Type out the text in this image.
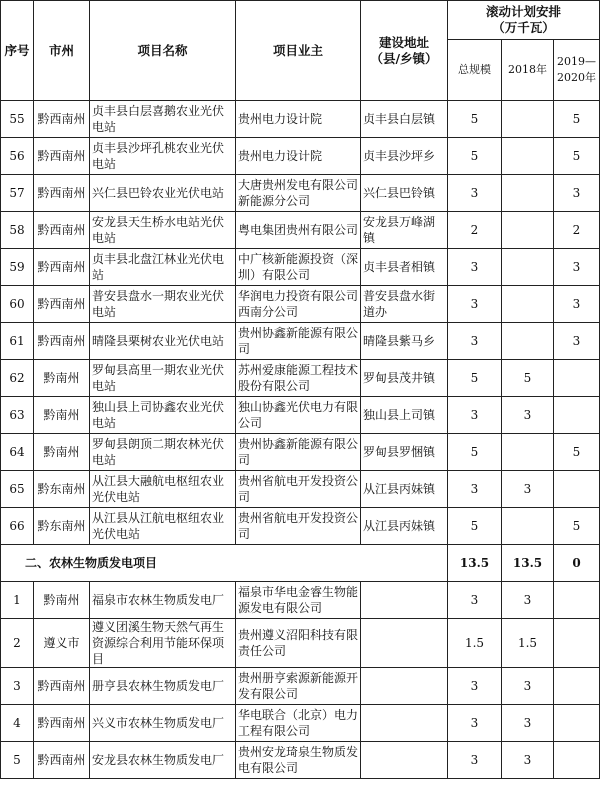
序号	市州	项目名称	项目业主	建设地址
（县/乡镇）	滚动计划安排
（万千瓦）		
					总规模	2018年	2019—
2020年
55	黔西南州	贞丰县白层喜鹅农业光伏电站	贵州电力设计院	贞丰县白层镇	5		5
56	黔西南州	贞丰县沙坪孔桃农业光伏电站	贵州电力设计院	贞丰县沙坪乡	5		5
57	黔西南州	兴仁县巴铃农业光伏电站	大唐贵州发电有限公司新能源分公司	兴仁县巴铃镇	3		3
58	黔西南州	安龙县天生桥水电站光伏电站	粤电集团贵州有限公司	安龙县万峰湖镇	2		2
59	黔西南州	贞丰县北盘江林业光伏电站	中广核新能源投资（深圳）有限公司	贞丰县者相镇	3		3
60	黔西南州	普安县盘水一期农业光伏电站	华润电力投资有限公司西南分公司	普安县盘水街道办	3		3
61	黔西南州	晴隆县栗树农业光伏电站	贵州协鑫新能源有限公司	晴隆县紫马乡	3		3
62	黔南州	罗甸县高里一期农业光伏电站	苏州爱康能源工程技术股份有限公司	罗甸县茂井镇	5	5	
63	黔南州	独山县上司协鑫农业光伏电站	独山协鑫光伏电力有限公司	独山县上司镇	3	3	
64	黔南州	罗甸县朗顶二期农林光伏电站	贵州协鑫新能源有限公司	罗甸县罗悃镇	5		5
65	黔东南州	从江县大融航电枢纽农业光伏电站	贵州省航电开发投资公司	从江县丙妹镇	3	3	
66	黔东南州	从江县从江航电枢纽农业光伏电站	贵州省航电开发投资公司	从江县丙妹镇	5		5
二、农林生物质发电项目					13.5	13.5	0
1	黔南州	福泉市农林生物质发电厂	福泉市华电金睿生物能源发电有限公司		3	3	
2	遵义市	遵义团溪生物天然气再生资源综合利用节能环保项目	贵州遵义沼阳科技有限责任公司		1.5	1.5	
3	黔西南州	册亨县农林生物质发电厂	贵州册亨索源新能源开发有限公司		3	3	
4	黔西南州	兴义市农林生物质发电厂	华电联合（北京）电力工程有限公司		3	3	
5	黔西南州	安龙县农林生物质发电厂	贵州安龙琦泉生物质发电有限公司		3	3	
